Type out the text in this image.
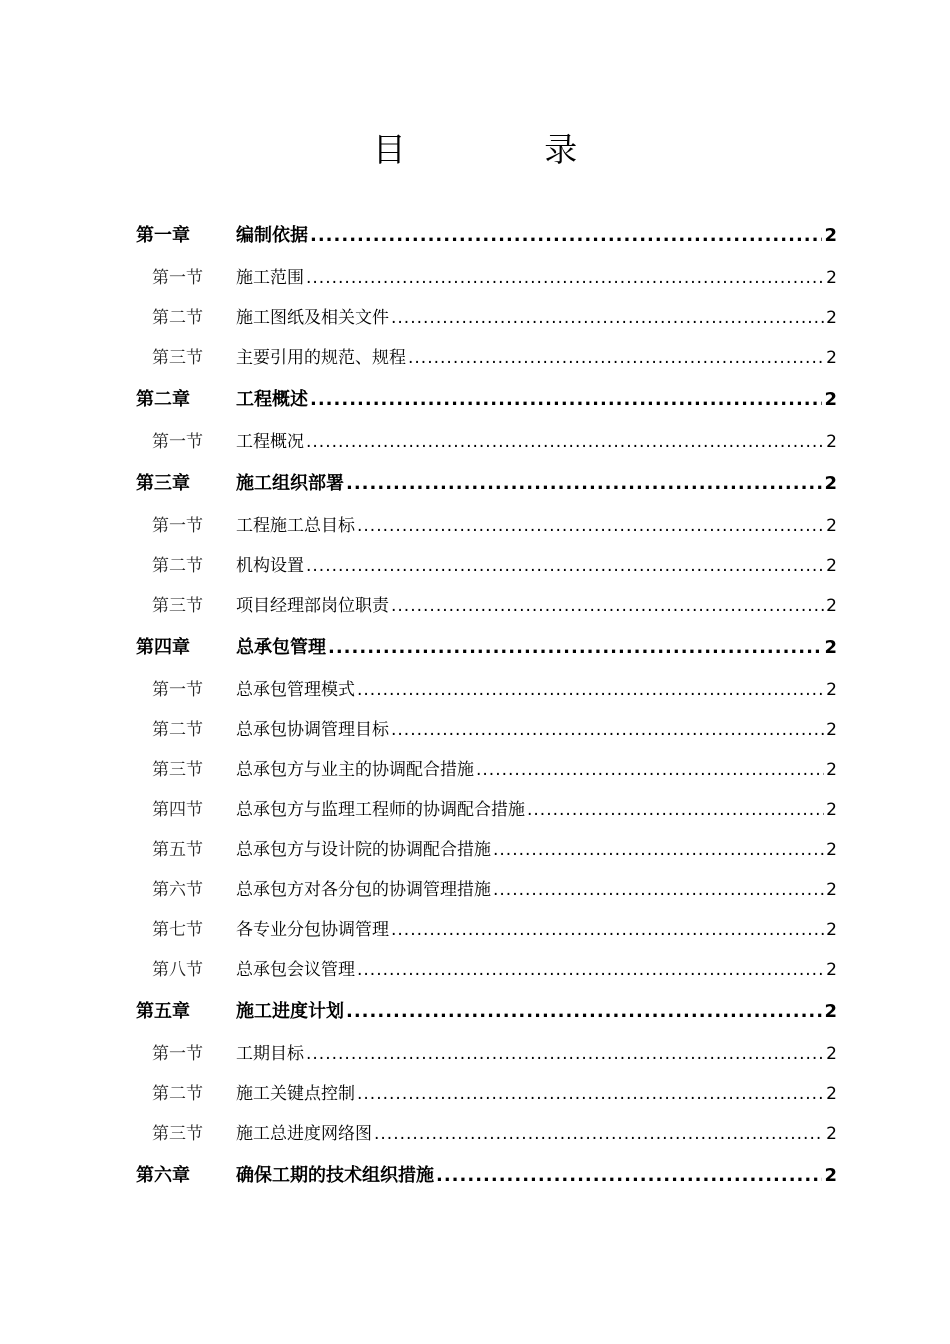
目 录
第一章	编制依据 .....	2
第一节	施工范围 .....	2
第二节	施工图纸及相关文件 .....	2
第三节	主要引用的规范、规程 .....	2
第二章	工程概述 .....	2
第一节	工程概况 .....	2
第三章	施工组织部署 .....	2
第一节	工程施工总目标 .....	2
第二节	机构设置 .....	2
第三节	项目经理部岗位职责 .....	2
第四章	总承包管理 .....	2
第一节	总承包管理模式 .....	2
第二节	总承包协调管理目标 .....	2
第三节	总承包方与业主的协调配合措施 .....	2
第四节	总承包方与监理工程师的协调配合措施 .....	2
第五节	总承包方与设计院的协调配合措施 .....	2
第六节	总承包方对各分包的协调管理措施 .....	2
第七节	各专业分包协调管理 .....	2
第八节	总承包会议管理 .....	2
第五章	施工进度计划 .....	2
第一节	工期目标 .....	2
第二节	施工关键点控制 .....	2
第三节	施工总进度网络图 .....	2
第六章	确保工期的技术组织措施 .....	2
